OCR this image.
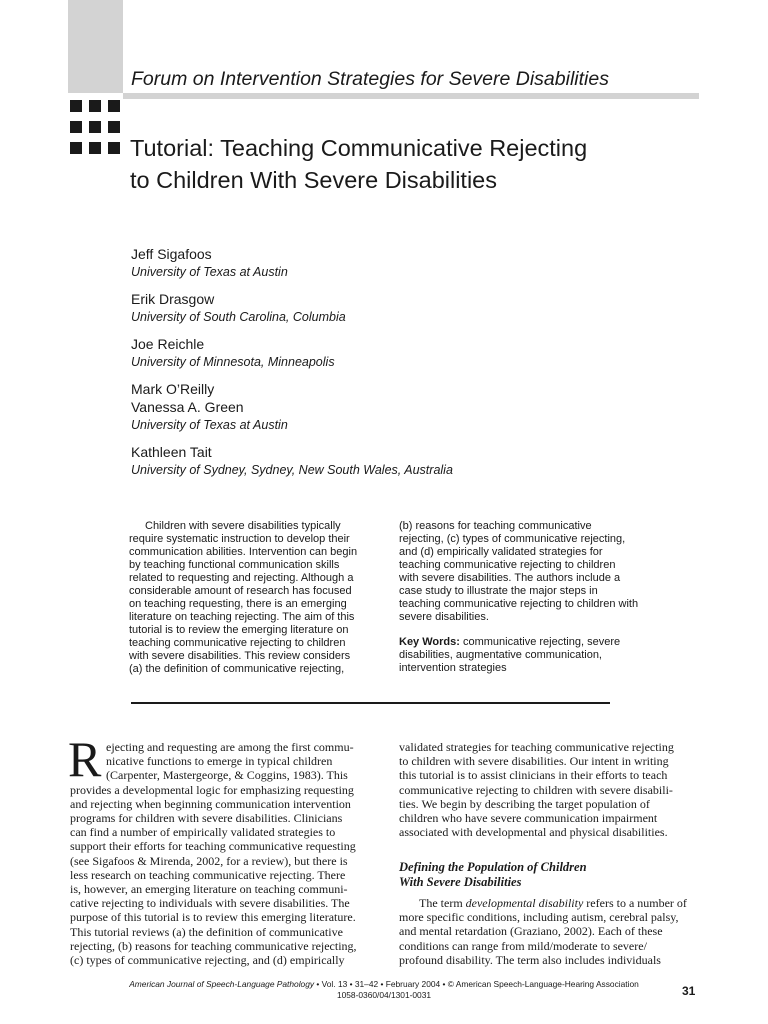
Forum on Intervention Strategies for Severe Disabilities
Tutorial: Teaching Communicative Rejecting
to Children With Severe Disabilities
Jeff Sigafoos
University of Texas at Austin
Erik Drasgow
University of South Carolina, Columbia
Joe Reichle
University of Minnesota, Minneapolis
Mark O’Reilly
Vanessa A. Green
University of Texas at Austin
Kathleen Tait
University of Sydney, Sydney, New South Wales, Australia
Children with severe disabilities typically
require systematic instruction to develop their
communication abilities. Intervention can begin
by teaching functional communication skills
related to requesting and rejecting. Although a
considerable amount of research has focused
on teaching requesting, there is an emerging
literature on teaching rejecting. The aim of this
tutorial is to review the emerging literature on
teaching communicative rejecting to children
with severe disabilities. This review considers
(a) the definition of communicative rejecting,
(b) reasons for teaching communicative
rejecting, (c) types of communicative rejecting,
and (d) empirically validated strategies for
teaching communicative rejecting to children
with severe disabilities. The authors include a
case study to illustrate the major steps in
teaching communicative rejecting to children with
severe disabilities.
Key Words: communicative rejecting, severe
disabilities, augmentative communication,
intervention strategies
R ejecting and requesting are among the first commu-
nicative functions to emerge in typical children
(Carpenter, Mastergeorge, & Coggins, 1983). This
provides a developmental logic for emphasizing requesting
and rejecting when beginning communication intervention
programs for children with severe disabilities. Clinicians
can find a number of empirically validated strategies to
support their efforts for teaching communicative requesting
(see Sigafoos & Mirenda, 2002, for a review), but there is
less research on teaching communicative rejecting. There
is, however, an emerging literature on teaching communi-
cative rejecting to individuals with severe disabilities. The
purpose of this tutorial is to review this emerging literature.
This tutorial reviews (a) the definition of communicative
rejecting, (b) reasons for teaching communicative rejecting,
(c) types of communicative rejecting, and (d) empirically
validated strategies for teaching communicative rejecting
to children with severe disabilities. Our intent in writing
this tutorial is to assist clinicians in their efforts to teach
communicative rejecting to children with severe disabili-
ties. We begin by describing the target population of
children who have severe communication impairment
associated with developmental and physical disabilities.
Defining the Population of Children
With Severe Disabilities
The term developmental disability refers to a number of
more specific conditions, including autism, cerebral palsy,
and mental retardation (Graziano, 2002). Each of these
conditions can range from mild/moderate to severe/
profound disability. The term also includes individuals
American Journal of Speech-Language Pathology • Vol. 13 • 31–42 • February 2004 • © American Speech-Language-Hearing Association
1058-0360/04/1301-0031	31
